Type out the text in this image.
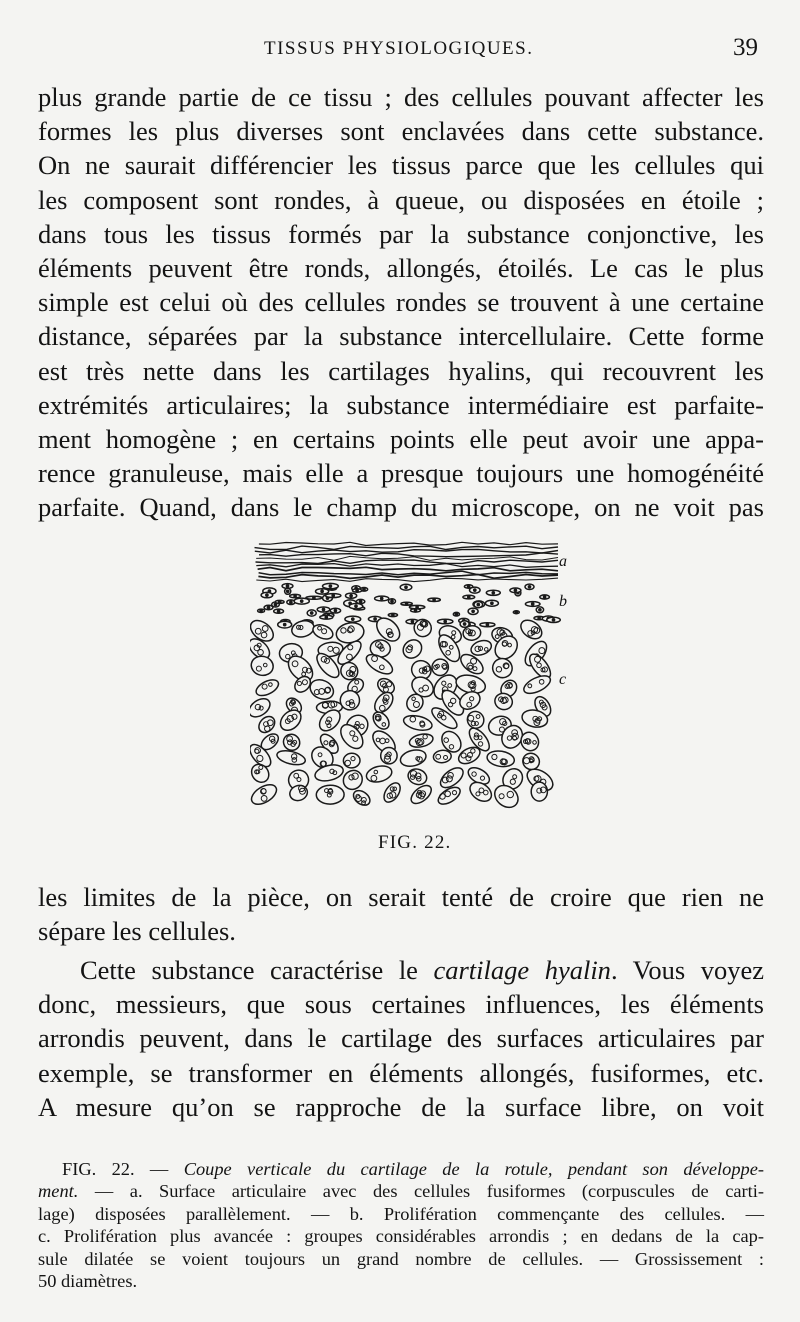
TISSUS PHYSIOLOGIQUES.	39
plus grande partie de ce tissu ; des cellules pouvant affecter les
formes les plus diverses sont enclavées dans cette substance.
On ne saurait différencier les tissus parce que les cellules qui
les composent sont rondes, à queue, ou disposées en étoile ;
dans tous les tissus formés par la substance conjonctive, les
éléments peuvent être ronds, allongés, étoilés. Le cas le plus
simple est celui où des cellules rondes se trouvent à une certaine
distance, séparées par la substance intercellulaire. Cette forme
est très nette dans les cartilages hyalins, qui recouvrent les
extrémités articulaires; la substance intermédiaire est parfaite-
ment homogène ; en certains points elle peut avoir une appa-
rence granuleuse, mais elle a presque toujours une homogénéité
parfaite. Quand, dans le champ du microscope, on ne voit pas
a
b
c
FIG. 22.
les limites de la pièce, on serait tenté de croire que rien ne
sépare les cellules.
Cette substance caractérise le cartilage hyalin. Vous voyez
donc, messieurs, que sous certaines influences, les éléments
arrondis peuvent, dans le cartilage des surfaces articulaires par
exemple, se transformer en éléments allongés, fusiformes, etc.
A mesure qu’on se rapproche de la surface libre, on voit
FIG. 22. — Coupe verticale du cartilage de la rotule, pendant son développe-
ment. — a. Surface articulaire avec des cellules fusiformes (corpuscules de carti-
lage) disposées parallèlement. — b. Prolifération commençante des cellules. —
c. Prolifération plus avancée : groupes considérables arrondis ; en dedans de la cap-
sule dilatée se voient toujours un grand nombre de cellules. — Grossissement :
50 diamètres.
